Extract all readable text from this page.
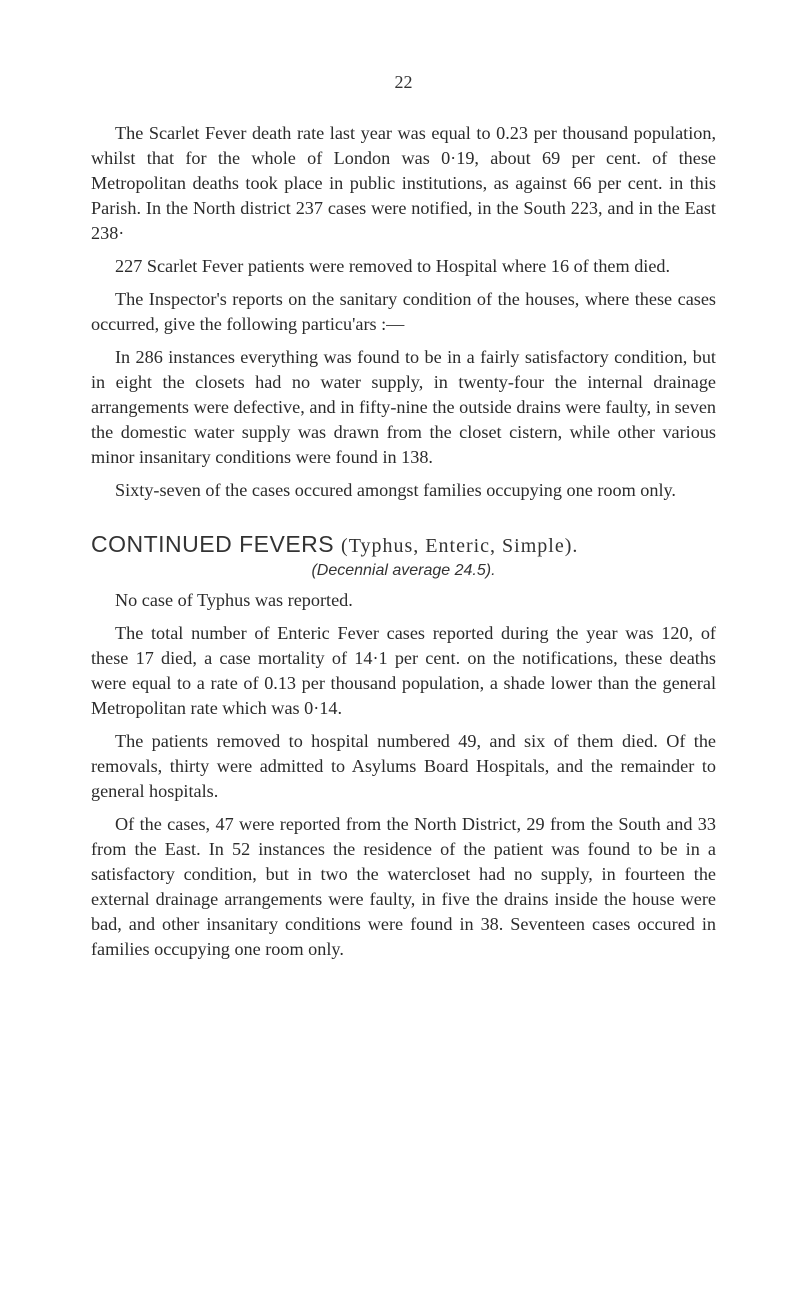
22

The Scarlet Fever death rate last year was equal to 0.23 per thousand population, whilst that for the whole of London was 0·19, about 69 per cent. of these Metropolitan deaths took place in public institutions, as against 66 per cent. in this Parish. In the North district 237 cases were notified, in the South 223, and in the East 238·

227 Scarlet Fever patients were removed to Hospital where 16 of them died.

The Inspector's reports on the sanitary condition of the houses, where these cases occurred, give the following particu'ars :—

In 286 instances everything was found to be in a fairly satisfactory condition, but in eight the closets had no water supply, in twenty-four the internal drainage arrangements were defective, and in fifty-nine the outside drains were faulty, in seven the domestic water supply was drawn from the closet cistern, while other various minor insanitary conditions were found in 138.

Sixty-seven of the cases occured amongst families occupying one room only.

CONTINUED FEVERS (Typhus, Enteric, Simple).
(Decennial average 24.5).

No case of Typhus was reported.

The total number of Enteric Fever cases reported during the year was 120, of these 17 died, a case mortality of 14·1 per cent. on the notifications, these deaths were equal to a rate of 0.13 per thousand population, a shade lower than the general Metropolitan rate which was 0·14.

The patients removed to hospital numbered 49, and six of them died. Of the removals, thirty were admitted to Asylums Board Hospitals, and the remainder to general hospitals.

Of the cases, 47 were reported from the North District, 29 from the South and 33 from the East. In 52 instances the residence of the patient was found to be in a satisfactory condition, but in two the watercloset had no supply, in fourteen the external drainage arrangements were faulty, in five the drains inside the house were bad, and other insanitary conditions were found in 38. Seventeen cases occured in families occupying one room only.
